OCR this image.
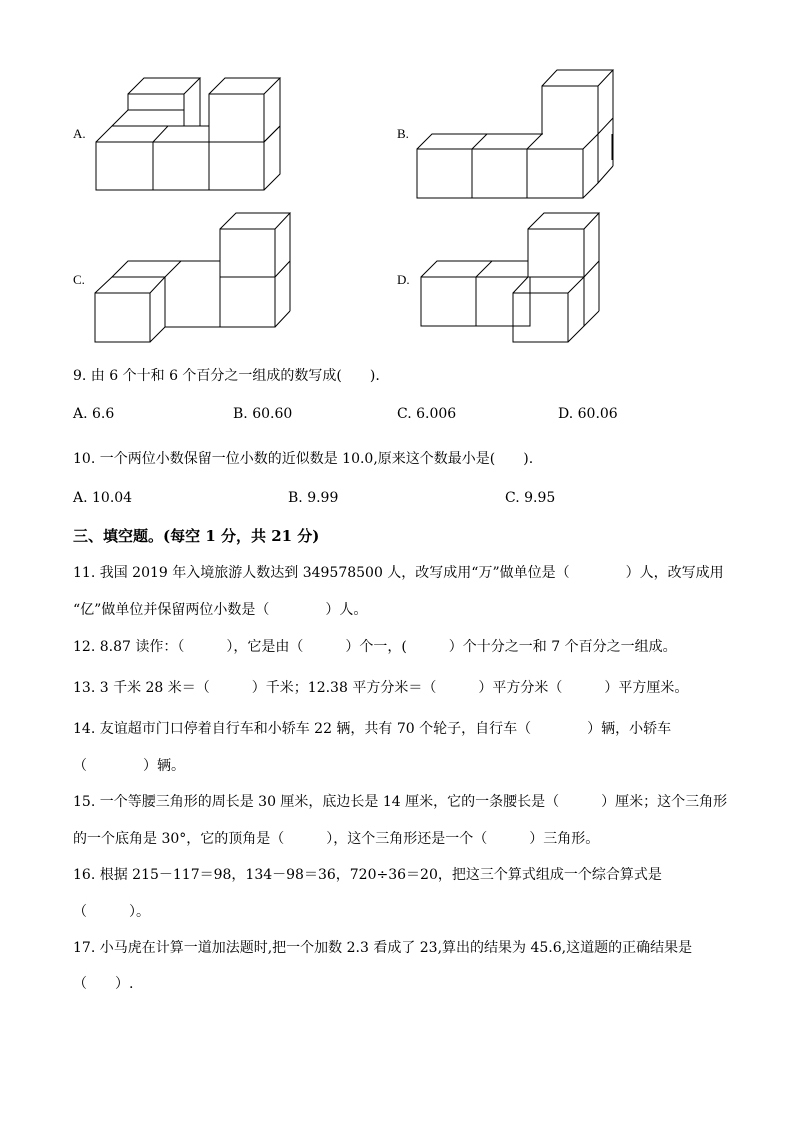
A.	B.
C.	D.
9. 由 6 个十和 6 个百分之一组成的数写成(　　).
A. 6.6	B. 60.60	C. 6.006	D. 60.06
10. 一个两位小数保留一位小数的近似数是 10.0,原来这个数最小是(　　).
A. 10.04	B. 9.99	C. 9.95
三、填空题。(每空 1 分，共 21 分)
11. 我国 2019 年入境旅游人数达到 349578500 人，改写成用“万”做单位是（　　　　）人，改写成用
“亿”做单位并保留两位小数是（　　　　）人。
12. 8.87 读作：（　　　），它是由（　　　）个一，(　　　）个十分之一和 7 个百分之一组成。
13. 3 千米 28 米＝（　　　）千米；12.38 平方分米＝（　　　）平方分米（　　　）平方厘米。
14. 友谊超市门口停着自行车和小轿车 22 辆，共有 70 个轮子，自行车（　　　　）辆，小轿车
（　　　　）辆。
15. 一个等腰三角形的周长是 30 厘米，底边长是 14 厘米，它的一条腰长是（　　　）厘米；这个三角形
的一个底角是 30°，它的顶角是（　　　），这个三角形还是一个（　　　）三角形。
16. 根据 215－117＝98，134－98＝36，720÷36＝20，把这三个算式组成一个综合算式是
（　　　）。
17. 小马虎在计算一道加法题时,把一个加数 2.3 看成了 23,算出的结果为 45.6,这道题的正确结果是
（　　）.
